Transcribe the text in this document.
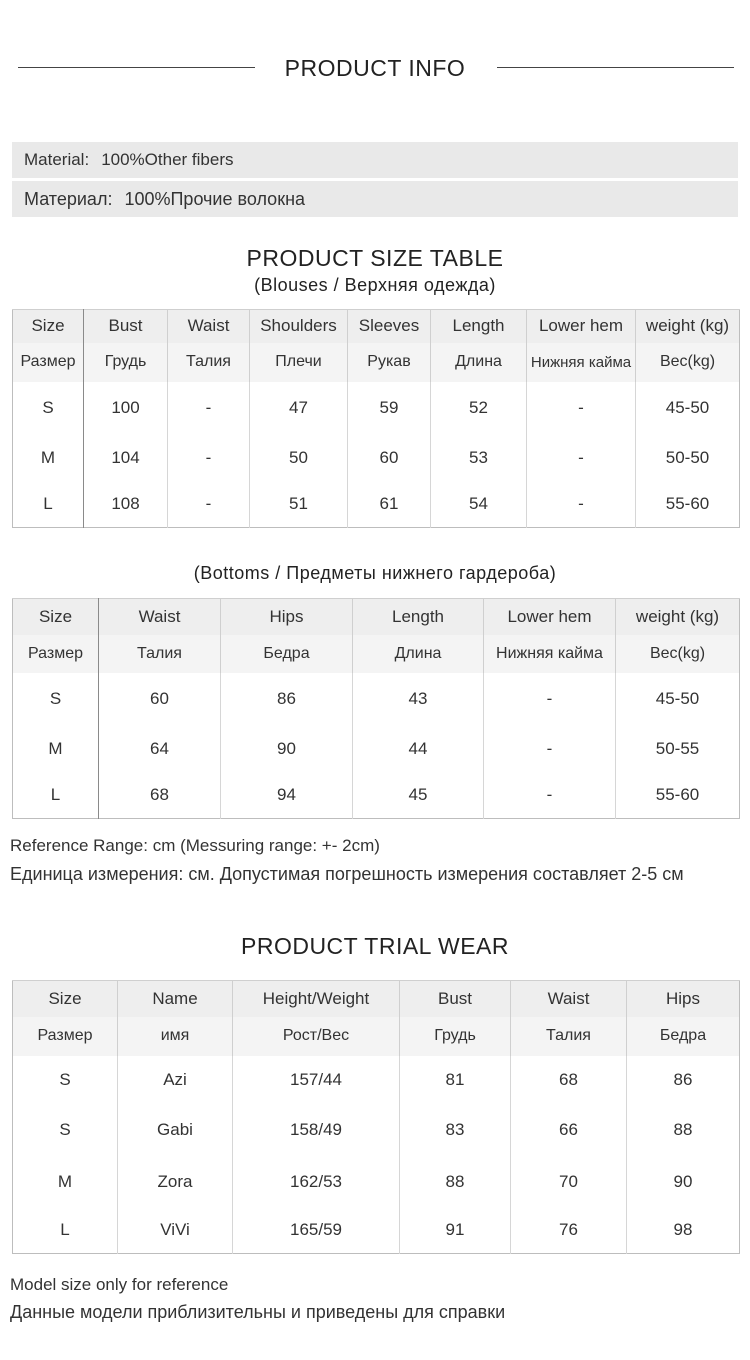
PRODUCT INFO
Material: 100%Other fibers
Материал: 100%Прочие волокна
PRODUCT SIZE TABLE
(Blouses / Верхняя одежда)
Size	Bust	Waist	Shoulders	Sleeves	Length	Lower hem	weight (kg)
Размер	Грудь	Талия	Плечи	Рукав	Длина	Нижняя кайма	Вес(kg)
S	100	-	47	59	52	-	45-50
M	104	-	50	60	53	-	50-50
L	108	-	51	61	54	-	55-60
(Bottoms / Предметы нижнего гардероба)
Size	Waist	Hips	Length	Lower hem	weight (kg)
Размер	Талия	Бедра	Длина	Нижняя кайма	Вес(kg)
S	60	86	43	-	45-50
M	64	90	44	-	50-55
L	68	94	45	-	55-60
Reference Range: cm (Messuring range: +- 2cm)
Единица измерения: см. Допустимая погрешность измерения составляет 2-5 см
PRODUCT TRIAL WEAR
Size	Name	Height/Weight	Bust	Waist	Hips
Размер	имя	Рост/Вес	Грудь	Талия	Бедра
S	Azi	157/44	81	68	86
S	Gabi	158/49	83	66	88
M	Zora	162/53	88	70	90
L	ViVi	165/59	91	76	98
Model size only for reference
Данные модели приблизительны и приведены для справки
